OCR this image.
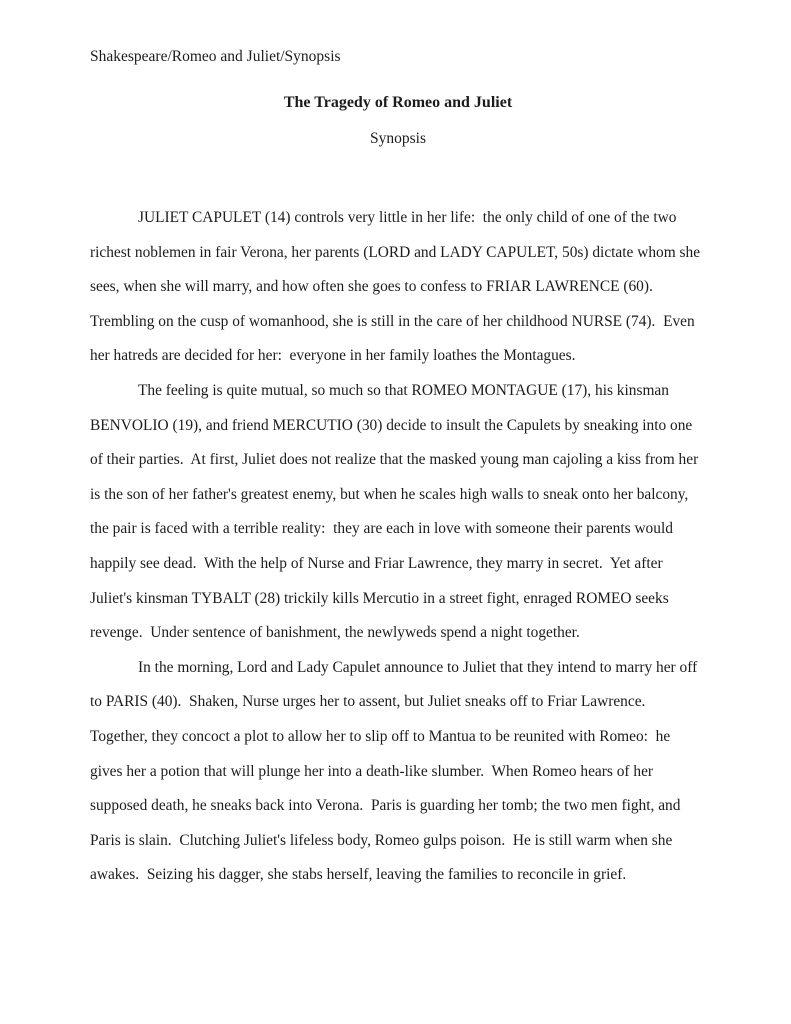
Shakespeare/Romeo and Juliet/Synopsis
The Tragedy of Romeo and Juliet
Synopsis

JULIET CAPULET (14) controls very little in her life:  the only child of one of the two richest noblemen in fair Verona, her parents (LORD and LADY CAPULET, 50s) dictate whom she sees, when she will marry, and how often she goes to confess to FRIAR LAWRENCE (60).  Trembling on the cusp of womanhood, she is still in the care of her childhood NURSE (74).  Even her hatreds are decided for her:  everyone in her family loathes the Montagues.

The feeling is quite mutual, so much so that ROMEO MONTAGUE (17), his kinsman BENVOLIO (19), and friend MERCUTIO (30) decide to insult the Capulets by sneaking into one of their parties.  At first, Juliet does not realize that the masked young man cajoling a kiss from her is the son of her father's greatest enemy, but when he scales high walls to sneak onto her balcony, the pair is faced with a terrible reality:  they are each in love with someone their parents would happily see dead.  With the help of Nurse and Friar Lawrence, they marry in secret.  Yet after Juliet's kinsman TYBALT (28) trickily kills Mercutio in a street fight, enraged ROMEO seeks revenge.  Under sentence of banishment, the newlyweds spend a night together.

In the morning, Lord and Lady Capulet announce to Juliet that they intend to marry her off to PARIS (40).  Shaken, Nurse urges her to assent, but Juliet sneaks off to Friar Lawrence.  Together, they concoct a plot to allow her to slip off to Mantua to be reunited with Romeo:  he gives her a potion that will plunge her into a death-like slumber.  When Romeo hears of her supposed death, he sneaks back into Verona.  Paris is guarding her tomb; the two men fight, and Paris is slain.  Clutching Juliet's lifeless body, Romeo gulps poison.  He is still warm when she awakes.  Seizing his dagger, she stabs herself, leaving the families to reconcile in grief.
